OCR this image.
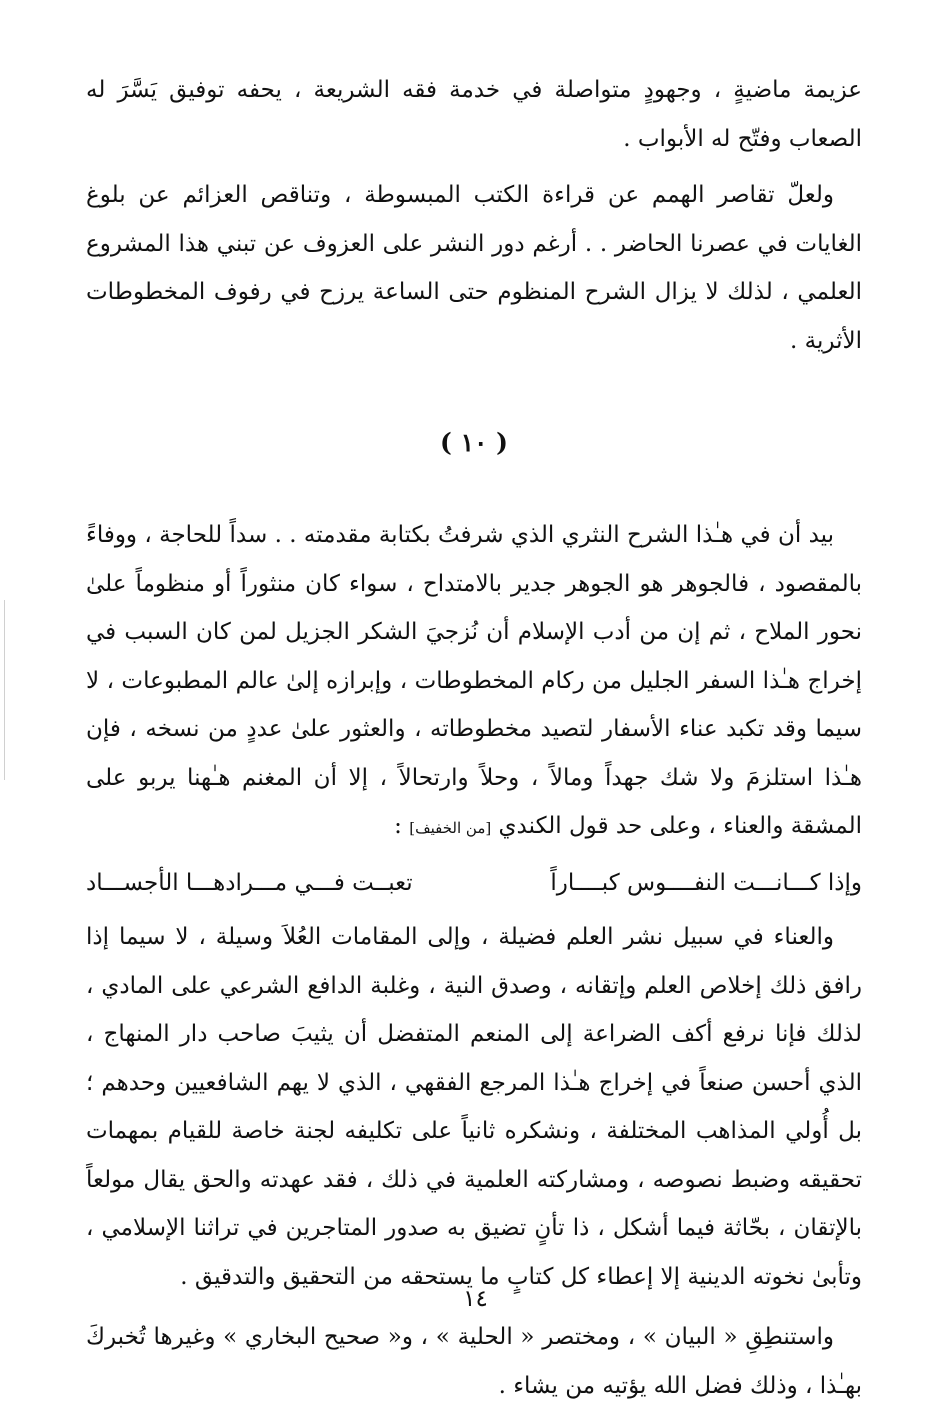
عزيمة ماضيةٍ ، وجهودٍ متواصلة في خدمة فقه الشريعة ، يحفه توفيق يَسَّرَ له الصعاب وفتّح له الأبواب .

ولعلّ تقاصر الهمم عن قراءة الكتب المبسوطة ، وتناقص العزائم عن بلوغ الغايات في عصرنا الحاضر . . أرغم دور النشر على العزوف عن تبني هذا المشروع العلمي ، لذلك لا يزال الشرح المنظوم حتى الساعة يرزح في رفوف المخطوطات الأثرية .

( ١٠ )

بيد أن في هـٰذا الشرح النثري الذي شرفتُ بكتابة مقدمته . . سداً للحاجة ، ووفاءً بالمقصود ، فالجوهر هو الجوهر جدير بالامتداح ، سواء كان منثوراً أو منظوماً علىٰ نحور الملاح ، ثم إن من أدب الإسلام أن نُزجيَ الشكر الجزيل لمن كان السبب في إخراج هـٰذا السفر الجليل من ركام المخطوطات ، وإبرازه إلىٰ عالم المطبوعات ، لا سيما وقد تكبد عناء الأسفار لتصيد مخطوطاته ، والعثور علىٰ عددٍ من نسخه ، فإن هـٰذا استلزمَ ولا شك جهداً ومالاً ، وحلاً وارتحالاً ، إلا أن المغنم هـٰهنا يربو على المشقة والعناء ، وعلى حد قول الكندي [من الخفيف] :

وإذا كـــانـــت النفــــوس كبــــاراً
تعبــت فـــي مـــرادهـــا الأجســـاد

والعناء في سبيل نشر العلم فضيلة ، وإلى المقامات العُلاَ وسيلة ، لا سيما إذا رافق ذلك إخلاص العلم وإتقانه ، وصدق النية ، وغلبة الدافع الشرعي على المادي ، لذلك فإنا نرفع أكف الضراعة إلى المنعم المتفضل أن يثيبَ صاحب دار المنهاج ، الذي أحسن صنعاً في إخراج هـٰذا المرجع الفقهي ، الذي لا يهم الشافعيين وحدهم ؛ بل أُولي المذاهب المختلفة ، ونشكره ثانياً على تكليفه لجنة خاصة للقيام بمهمات تحقيقه وضبط نصوصه ، ومشاركته العلمية في ذلك ، فقد عهدته والحق يقال مولعاً بالإتقان ، بحّاثة فيما أشكل ، ذا تأنٍ تضيق به صدور المتاجرين في تراثنا الإسلامي ، وتأبىٰ نخوته الدينية إلا إعطاء كل كتابٍ ما يستحقه من التحقيق والتدقيق .

واستنطِقِ « البيان » ، ومختصر « الحلية » ، و« صحيح البخاري » وغيرها تُخبركَ بهـٰذا ، وذلك فضل الله يؤتيه من يشاء .

١٤
